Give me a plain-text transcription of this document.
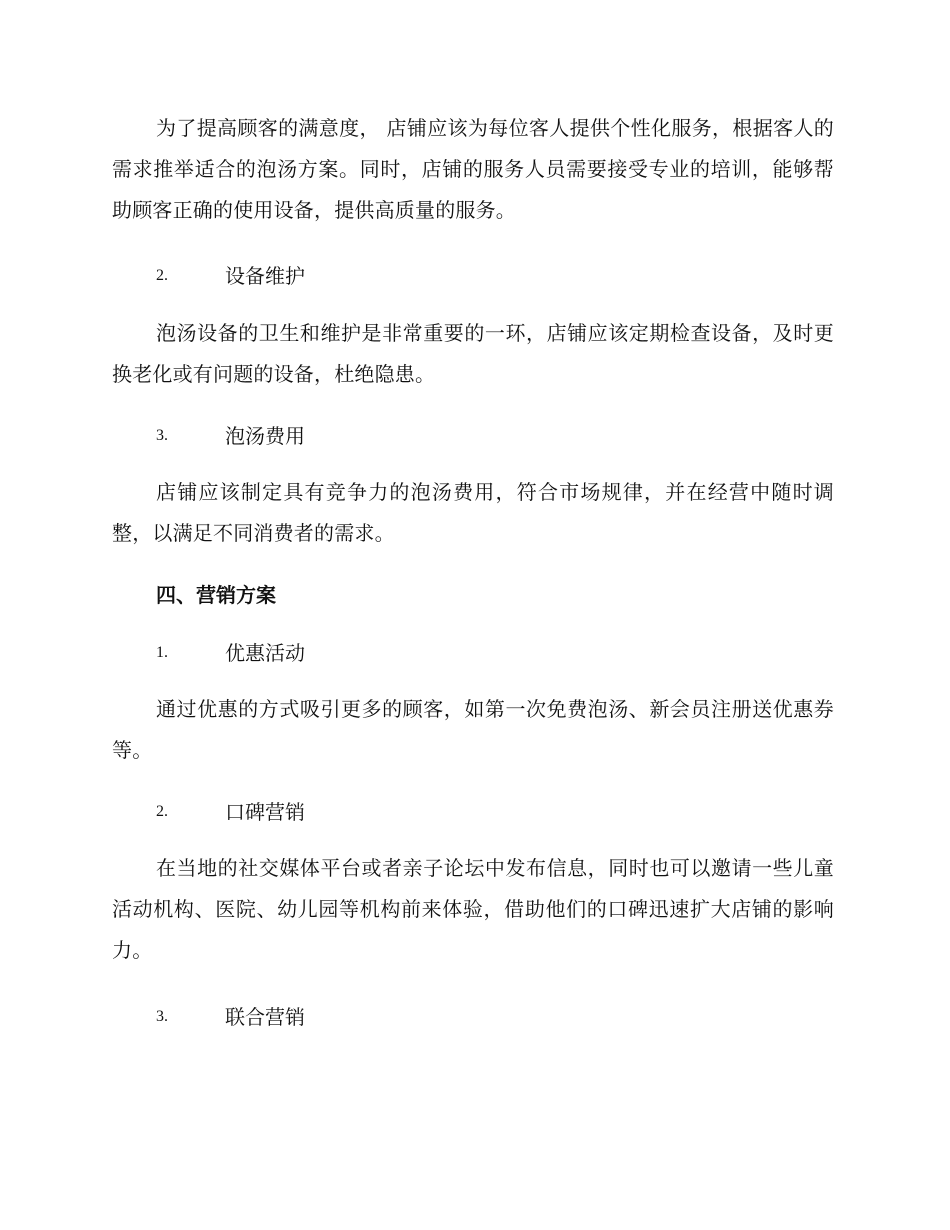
为了提高顾客的满意度， 店铺应该为每位客人提供个性化服务，根据客人的需求推举适合的泡汤方案。同时，店铺的服务人员需要接受专业的培训，能够帮助顾客正确的使用设备，提供高质量的服务。

2.	设备维护

泡汤设备的卫生和维护是非常重要的一环，店铺应该定期检查设备，及时更换老化或有问题的设备，杜绝隐患。

3.	泡汤费用

店铺应该制定具有竞争力的泡汤费用，符合市场规律，并在经营中随时调整，以满足不同消费者的需求。

四、营销方案
1.	优惠活动

通过优惠的方式吸引更多的顾客，如第一次免费泡汤、新会员注册送优惠券等。

2.	口碑营销

在当地的社交媒体平台或者亲子论坛中发布信息，同时也可以邀请一些儿童活动机构、医院、幼儿园等机构前来体验，借助他们的口碑迅速扩大店铺的影响力。

3.	联合营销
